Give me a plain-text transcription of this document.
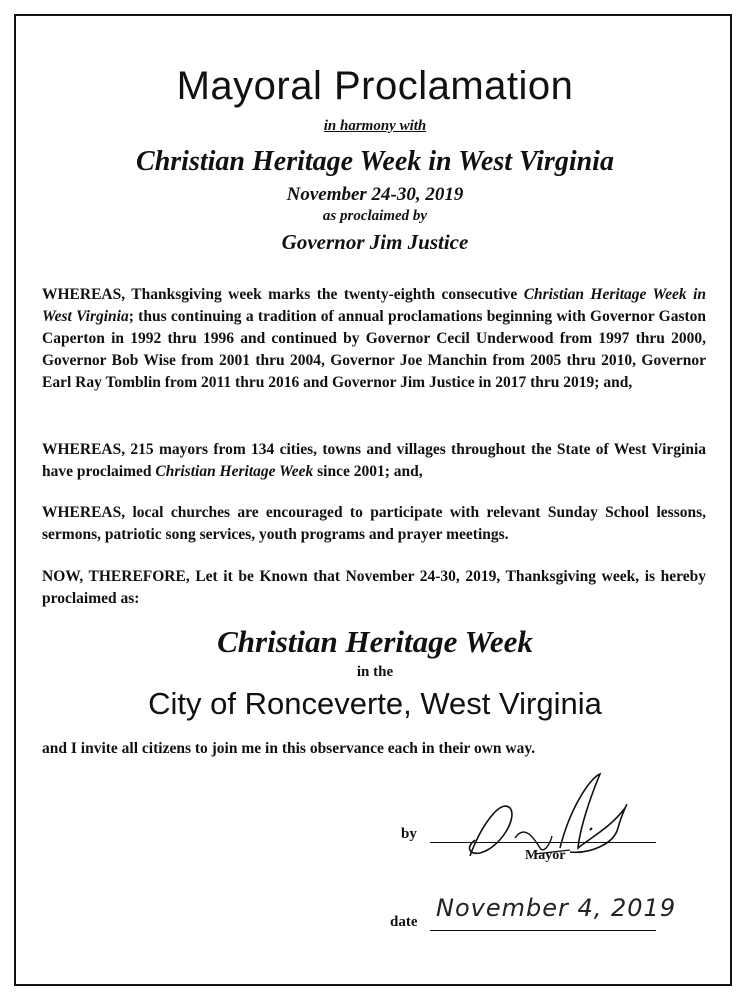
Mayoral Proclamation
in harmony with
Christian Heritage Week in West Virginia
November 24-30, 2019
as proclaimed by
Governor Jim Justice
WHEREAS, Thanksgiving week marks the twenty-eighth consecutive Christian Heritage Week in West Virginia; thus continuing a tradition of annual proclamations beginning with Governor Gaston Caperton in 1992 thru 1996 and continued by Governor Cecil Underwood from 1997 thru 2000, Governor Bob Wise from 2001 thru 2004, Governor Joe Manchin from 2005 thru 2010, Governor Earl Ray Tomblin from 2011 thru 2016 and Governor Jim Justice in 2017 thru 2019; and,
WHEREAS, 215 mayors from 134 cities, towns and villages throughout the State of West Virginia have proclaimed Christian Heritage Week since 2001; and,
WHEREAS, local churches are encouraged to participate with relevant Sunday School lessons, sermons, patriotic song services, youth programs and prayer meetings.
NOW, THEREFORE, Let it be Known that November 24-30, 2019, Thanksgiving week, is hereby proclaimed as:
Christian Heritage Week
in the
City of Ronceverte, West Virginia
and I invite all citizens to join me in this observance each in their own way.
by
Mayor
date November 4, 2019
